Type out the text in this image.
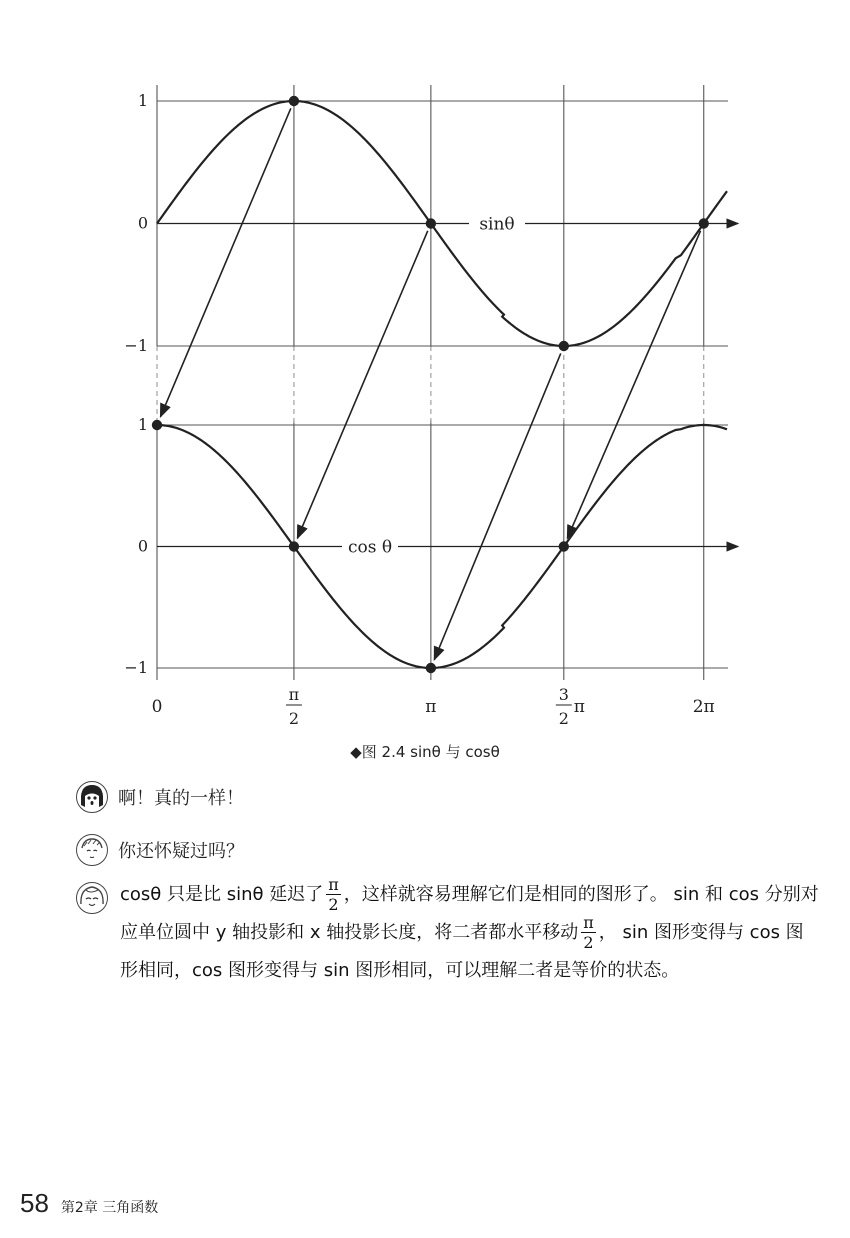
1
0
−1
1
0
−1
sinθ
cos θ
0
π
2
π
3
2
π	2π
◆图 2.4 sinθ 与 cosθ
啊！真的一样！
你还怀疑过吗？
cosθ 只是比 sinθ 延迟了 $\frac{\pi}{2}$ ，这样就容易理解它们是相同的图形了。 sin 和 cos 分别对应单位圆中 y 轴投影和 x 轴投影长度，将二者都水平移动 $\frac{\pi}{2}$ ， sin 图形变得与 cos 图形相同，cos 图形变得与 sin 图形相同，可以理解二者是等价的状态。
58 第2章 三角函数
